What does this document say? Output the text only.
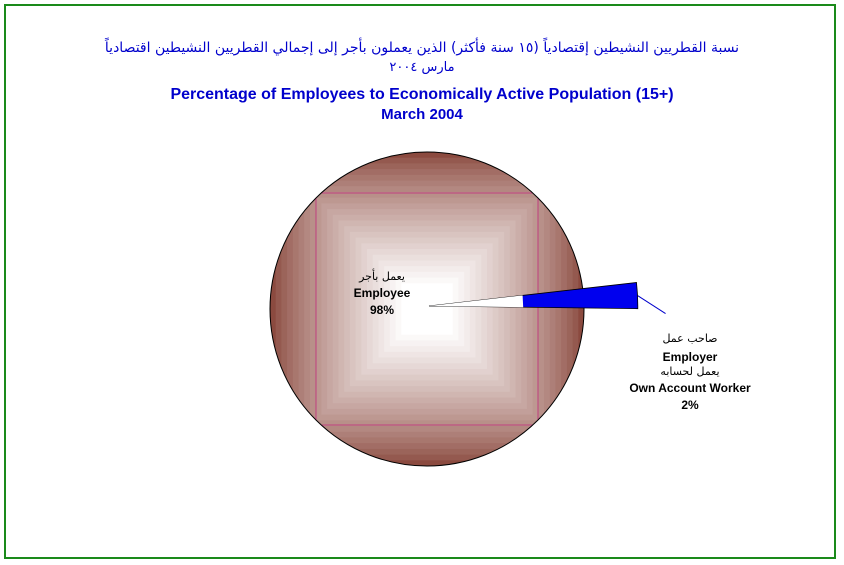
نسبة القطريين النشيطين إقتصادياً (١٥ سنة فأكثر) الذين يعملون بأجر إلى إجمالي القطريين النشيطين اقتصادياً
مارس ٢٠٠٤
Percentage of Employees to Economically Active Population (15+)
March 2004
يعمل بأجر
Employee
98%
صاحب عمل
Employer
يعمل لحسابه
Own Account Worker
2%
